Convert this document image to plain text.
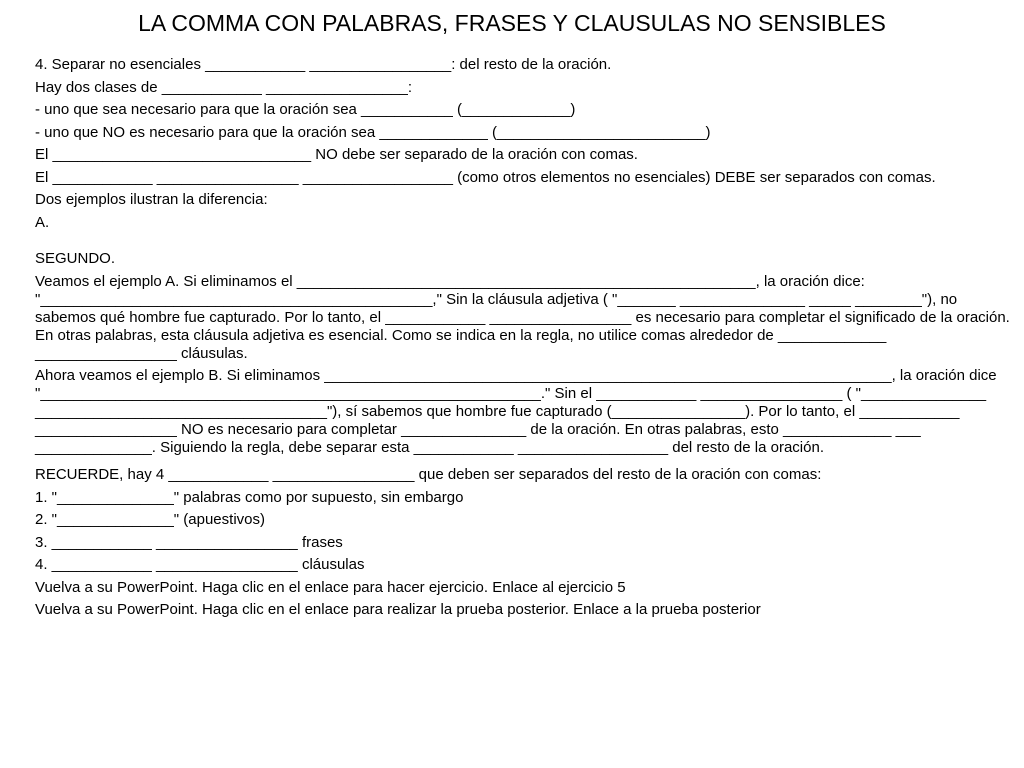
LA COMMA CON PALABRAS, FRASES Y CLAUSULAS NO SENSIBLES

4. Separar no esenciales ____________ _________________: del resto de la oración.

Hay dos clases de ____________ _________________:

- uno que sea necesario para que la oración sea ___________ (_____________)

- uno que NO es necesario para que la oración sea _____________ (_________________________)

El _______________________________ NO debe ser separado de la oración con comas.

El ____________ _________________ __________________ (como otros elementos no esenciales) DEBE ser separados con comas.

Dos ejemplos ilustran la diferencia:

A.

SEGUNDO.

Veamos el ejemplo A. Si eliminamos el _______________________________________________________, la oración dice: "_______________________________________________," Sin la cláusula adjetiva ( "_______ _______________ _____ ________"), no sabemos qué hombre fue capturado. Por lo tanto, el ____________ _________________ es necesario para completar el significado de la oración. En otras palabras, esta cláusula adjetiva es esencial. Como se indica en la regla, no utilice comas alrededor de _____________ _________________ cláusulas.

Ahora veamos el ejemplo B. Si eliminamos ____________________________________________________________________, la oración dice "____________________________________________________________." Sin el ____________ _________________ ( "_______________ ___________________________________"), sí sabemos que hombre fue capturado (________________). Por lo tanto, el ____________ _________________ NO es necesario para completar _______________ de la oración. En otras palabras, esto _____________ ___ ______________. Siguiendo la regla, debe separar esta ____________ __________________ del resto de la oración.

RECUERDE, hay 4 ____________ _________________ que deben ser separados del resto de la oración con comas:

1. "______________" palabras como por supuesto, sin embargo

2. "______________" (apuestivos)

3. ____________ _________________ frases

4. ____________ _________________ cláusulas

Vuelva a su PowerPoint. Haga clic en el enlace para hacer ejercicio. Enlace al ejercicio 5

Vuelva a su PowerPoint. Haga clic en el enlace para realizar la prueba posterior. Enlace a la prueba posterior
